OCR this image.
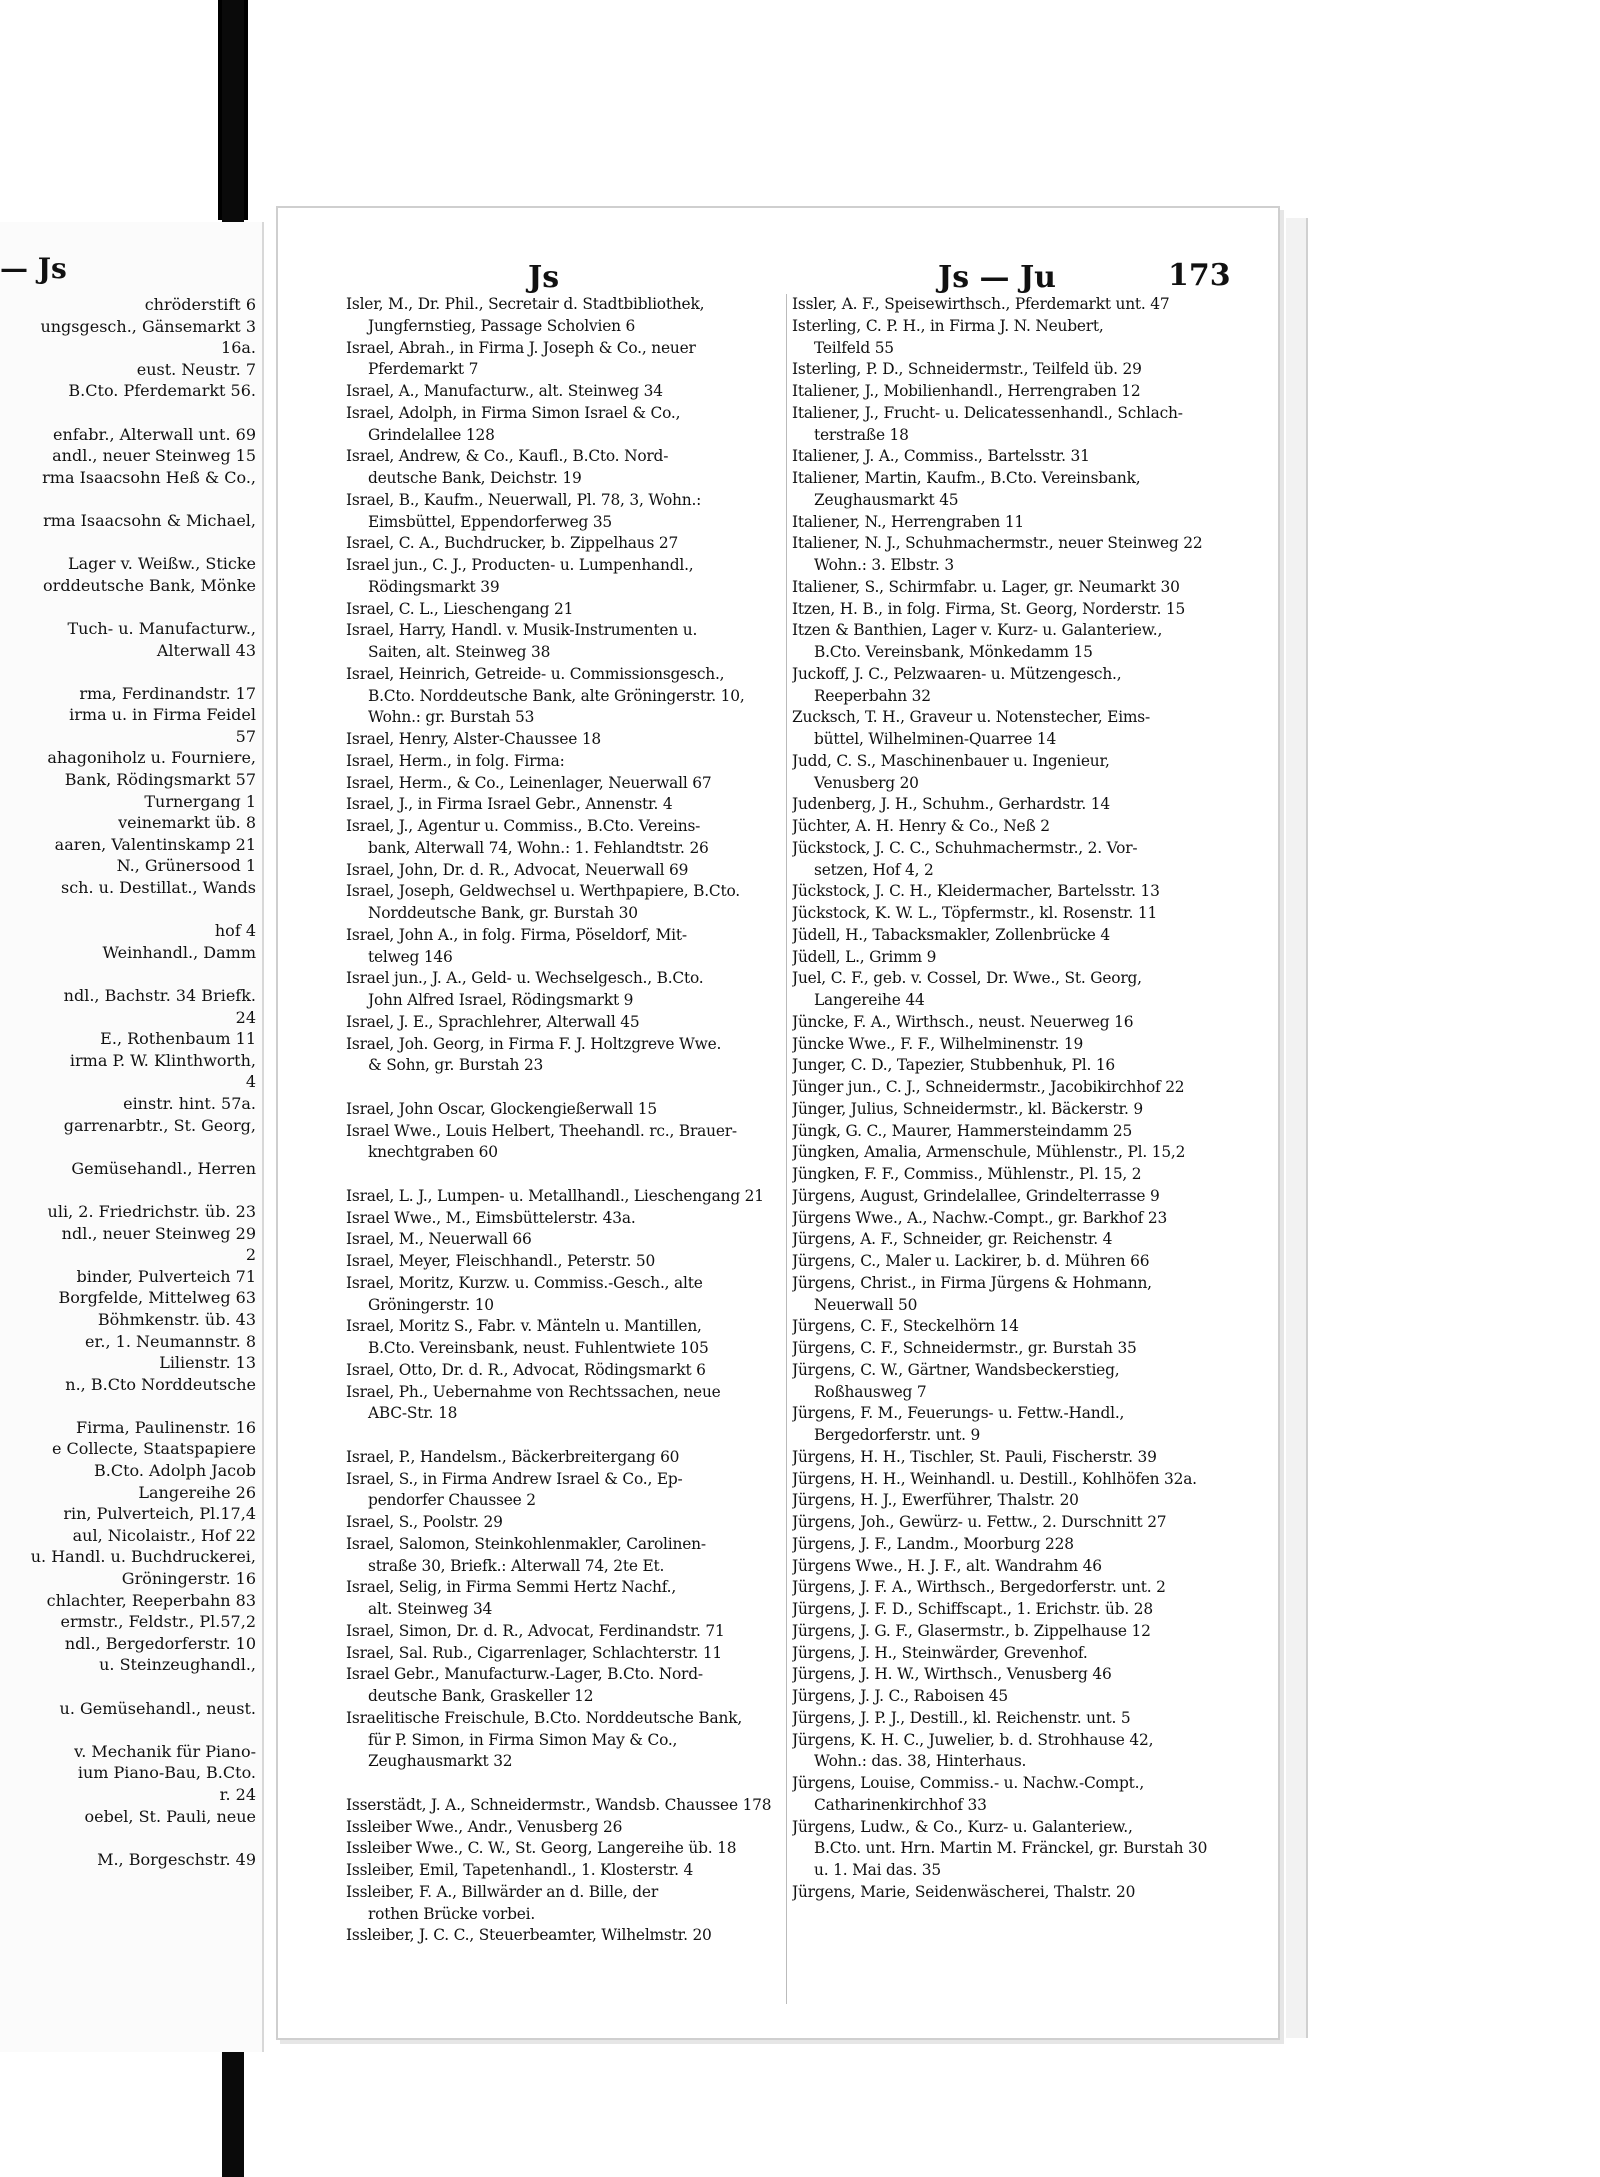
— Js
chröderstift 6
ungsgesch., Gänsemarkt 3
16a.
eust. Neustr. 7
B.Cto. Pferdemarkt 56.
enfabr., Alterwall unt. 69
andl., neuer Steinweg 15
rma Isaacsohn Heß & Co.,
rma Isaacsohn & Michael,
Lager v. Weißw., Sticke
orddeutsche Bank, Mönke
Tuch- u. Manufacturw.,
Alterwall 43
rma, Ferdinandstr. 17
irma u. in Firma Feidel
57
ahagoniholz u. Fourniere,
Bank, Rödingsmarkt 57
Turnergang 1
veinemarkt üb. 8
aaren, Valentinskamp 21
N., Grünersood 1
sch. u. Destillat., Wands
hof 4
Weinhandl., Damm
ndl., Bachstr. 34 Briefk.
24
E., Rothenbaum 11
irma P. W. Klinthworth,
4
einstr. hint. 57a.
garrenarbtr., St. Georg,
Gemüsehandl., Herren
uli, 2. Friedrichstr. üb. 23
ndl., neuer Steinweg 29
2
binder, Pulverteich 71
Borgfelde, Mittelweg 63
Böhmkenstr. üb. 43
er., 1. Neumannstr. 8
Lilienstr. 13
n., B.Cto Norddeutsche
Firma, Paulinenstr. 16
e Collecte, Staatspapiere
B.Cto. Adolph Jacob
Langereihe 26
rin, Pulverteich, Pl.17,4
aul, Nicolaistr., Hof 22
u. Handl. u. Buchdruckerei,
Gröningerstr. 16
chlachter, Reeperbahn 83
ermstr., Feldstr., Pl.57,2
ndl., Bergedorferstr. 10
u. Steinzeughandl.,
u. Gemüsehandl., neust.
v. Mechanik für Piano-
ium Piano-Bau, B.Cto.
r. 24
oebel, St. Pauli, neue
M., Borgeschstr. 49
Js	Js — Ju	173
Isler, M., Dr. Phil., Secretair d. Stadtbibliothek,
Jungfernstieg, Passage Scholvien 6
Israel, Abrah., in Firma J. Joseph & Co., neuer
Pferdemarkt 7
Israel, A., Manufacturw., alt. Steinweg 34
Israel, Adolph, in Firma Simon Israel & Co.,
Grindelallee 128
Israel, Andrew, & Co., Kaufl., B.Cto. Nord-
deutsche Bank, Deichstr. 19
Israel, B., Kaufm., Neuerwall, Pl. 78, 3, Wohn.:
Eimsbüttel, Eppendorferweg 35
Israel, C. A., Buchdrucker, b. Zippelhaus 27
Israel jun., C. J., Producten- u. Lumpenhandl.,
Rödingsmarkt 39
Israel, C. L., Lieschengang 21
Israel, Harry, Handl. v. Musik-Instrumenten u.
Saiten, alt. Steinweg 38
Israel, Heinrich, Getreide- u. Commissionsgesch.,
B.Cto. Norddeutsche Bank, alte Gröningerstr. 10,
Wohn.: gr. Burstah 53
Israel, Henry, Alster-Chaussee 18
Israel, Herm., in folg. Firma:
Israel, Herm., & Co., Leinenlager, Neuerwall 67
Israel, J., in Firma Israel Gebr., Annenstr. 4
Israel, J., Agentur u. Commiss., B.Cto. Vereins-
bank, Alterwall 74, Wohn.: 1. Fehlandtstr. 26
Israel, John, Dr. d. R., Advocat, Neuerwall 69
Israel, Joseph, Geldwechsel u. Werthpapiere, B.Cto.
Norddeutsche Bank, gr. Burstah 30
Israel, John A., in folg. Firma, Pöseldorf, Mit-
telweg 146
Israel jun., J. A., Geld- u. Wechselgesch., B.Cto.
John Alfred Israel, Rödingsmarkt 9
Israel, J. E., Sprachlehrer, Alterwall 45
Israel, Joh. Georg, in Firma F. J. Holtzgreve Wwe.
& Sohn, gr. Burstah 23
Israel, John Oscar, Glockengießerwall 15
Israel Wwe., Louis Helbert, Theehandl. rc., Brauer-
knechtgraben 60
Israel, L. J., Lumpen- u. Metallhandl., Lieschengang 21
Israel Wwe., M., Eimsbüttelerstr. 43a.
Israel, M., Neuerwall 66
Israel, Meyer, Fleischhandl., Peterstr. 50
Israel, Moritz, Kurzw. u. Commiss.-Gesch., alte
Gröningerstr. 10
Israel, Moritz S., Fabr. v. Mänteln u. Mantillen,
B.Cto. Vereinsbank, neust. Fuhlentwiete 105
Israel, Otto, Dr. d. R., Advocat, Rödingsmarkt 6
Israel, Ph., Uebernahme von Rechtssachen, neue
ABC-Str. 18
Israel, P., Handelsm., Bäckerbreitergang 60
Israel, S., in Firma Andrew Israel & Co., Ep-
pendorfer Chaussee 2
Israel, S., Poolstr. 29
Israel, Salomon, Steinkohlenmakler, Carolinen-
straße 30, Briefk.: Alterwall 74, 2te Et.
Israel, Selig, in Firma Semmi Hertz Nachf.,
alt. Steinweg 34
Israel, Simon, Dr. d. R., Advocat, Ferdinandstr. 71
Israel, Sal. Rub., Cigarrenlager, Schlachterstr. 11
Israel Gebr., Manufacturw.-Lager, B.Cto. Nord-
deutsche Bank, Graskeller 12
Israelitische Freischule, B.Cto. Norddeutsche Bank,
für P. Simon, in Firma Simon May & Co.,
Zeughausmarkt 32
Isserstädt, J. A., Schneidermstr., Wandsb. Chaussee 178
Issleiber Wwe., Andr., Venusberg 26
Issleiber Wwe., C. W., St. Georg, Langereihe üb. 18
Issleiber, Emil, Tapetenhandl., 1. Klosterstr. 4
Issleiber, F. A., Billwärder an d. Bille, der
rothen Brücke vorbei.
Issleiber, J. C. C., Steuerbeamter, Wilhelmstr. 20
Issler, A. F., Speisewirthsch., Pferdemarkt unt. 47
Isterling, C. P. H., in Firma J. N. Neubert,
Teilfeld 55
Isterling, P. D., Schneidermstr., Teilfeld üb. 29
Italiener, J., Mobilienhandl., Herrengraben 12
Italiener, J., Frucht- u. Delicatessenhandl., Schlach-
terstraße 18
Italiener, J. A., Commiss., Bartelsstr. 31
Italiener, Martin, Kaufm., B.Cto. Vereinsbank,
Zeughausmarkt 45
Italiener, N., Herrengraben 11
Italiener, N. J., Schuhmachermstr., neuer Steinweg 22
Wohn.: 3. Elbstr. 3
Italiener, S., Schirmfabr. u. Lager, gr. Neumarkt 30
Itzen, H. B., in folg. Firma, St. Georg, Norderstr. 15
Itzen & Banthien, Lager v. Kurz- u. Galanteriew.,
B.Cto. Vereinsbank, Mönkedamm 15
Juckoff, J. C., Pelzwaaren- u. Mützengesch.,
Reeperbahn 32
Zucksch, T. H., Graveur u. Notenstecher, Eims-
büttel, Wilhelminen-Quarree 14
Judd, C. S., Maschinenbauer u. Ingenieur,
Venusberg 20
Judenberg, J. H., Schuhm., Gerhardstr. 14
Jüchter, A. H. Henry & Co., Neß 2
Jückstock, J. C. C., Schuhmachermstr., 2. Vor-
setzen, Hof 4, 2
Jückstock, J. C. H., Kleidermacher, Bartelsstr. 13
Jückstock, K. W. L., Töpfermstr., kl. Rosenstr. 11
Jüdell, H., Tabacksmakler, Zollenbrücke 4
Jüdell, L., Grimm 9
Juel, C. F., geb. v. Cossel, Dr. Wwe., St. Georg,
Langereihe 44
Jüncke, F. A., Wirthsch., neust. Neuerweg 16
Jüncke Wwe., F. F., Wilhelminenstr. 19
Junger, C. D., Tapezier, Stubbenhuk, Pl. 16
Jünger jun., C. J., Schneidermstr., Jacobikirchhof 22
Jünger, Julius, Schneidermstr., kl. Bäckerstr. 9
Jüngk, G. C., Maurer, Hammersteindamm 25
Jüngken, Amalia, Armenschule, Mühlenstr., Pl. 15,2
Jüngken, F. F., Commiss., Mühlenstr., Pl. 15, 2
Jürgens, August, Grindelallee, Grindelterrasse 9
Jürgens Wwe., A., Nachw.-Compt., gr. Barkhof 23
Jürgens, A. F., Schneider, gr. Reichenstr. 4
Jürgens, C., Maler u. Lackirer, b. d. Mühren 66
Jürgens, Christ., in Firma Jürgens & Hohmann,
Neuerwall 50
Jürgens, C. F., Steckelhörn 14
Jürgens, C. F., Schneidermstr., gr. Burstah 35
Jürgens, C. W., Gärtner, Wandsbeckerstieg,
Roßhausweg 7
Jürgens, F. M., Feuerungs- u. Fettw.-Handl.,
Bergedorferstr. unt. 9
Jürgens, H. H., Tischler, St. Pauli, Fischerstr. 39
Jürgens, H. H., Weinhandl. u. Destill., Kohlhöfen 32a.
Jürgens, H. J., Ewerführer, Thalstr. 20
Jürgens, Joh., Gewürz- u. Fettw., 2. Durschnitt 27
Jürgens, J. F., Landm., Moorburg 228
Jürgens Wwe., H. J. F., alt. Wandrahm 46
Jürgens, J. F. A., Wirthsch., Bergedorferstr. unt. 2
Jürgens, J. F. D., Schiffscapt., 1. Erichstr. üb. 28
Jürgens, J. G. F., Glasermstr., b. Zippelhause 12
Jürgens, J. H., Steinwärder, Grevenhof.
Jürgens, J. H. W., Wirthsch., Venusberg 46
Jürgens, J. J. C., Raboisen 45
Jürgens, J. P. J., Destill., kl. Reichenstr. unt. 5
Jürgens, K. H. C., Juwelier, b. d. Strohhause 42,
Wohn.: das. 38, Hinterhaus.
Jürgens, Louise, Commiss.- u. Nachw.-Compt.,
Catharinenkirchhof 33
Jürgens, Ludw., & Co., Kurz- u. Galanteriew.,
B.Cto. unt. Hrn. Martin M. Fränckel, gr. Burstah 30
u. 1. Mai das. 35
Jürgens, Marie, Seidenwäscherei, Thalstr. 20
